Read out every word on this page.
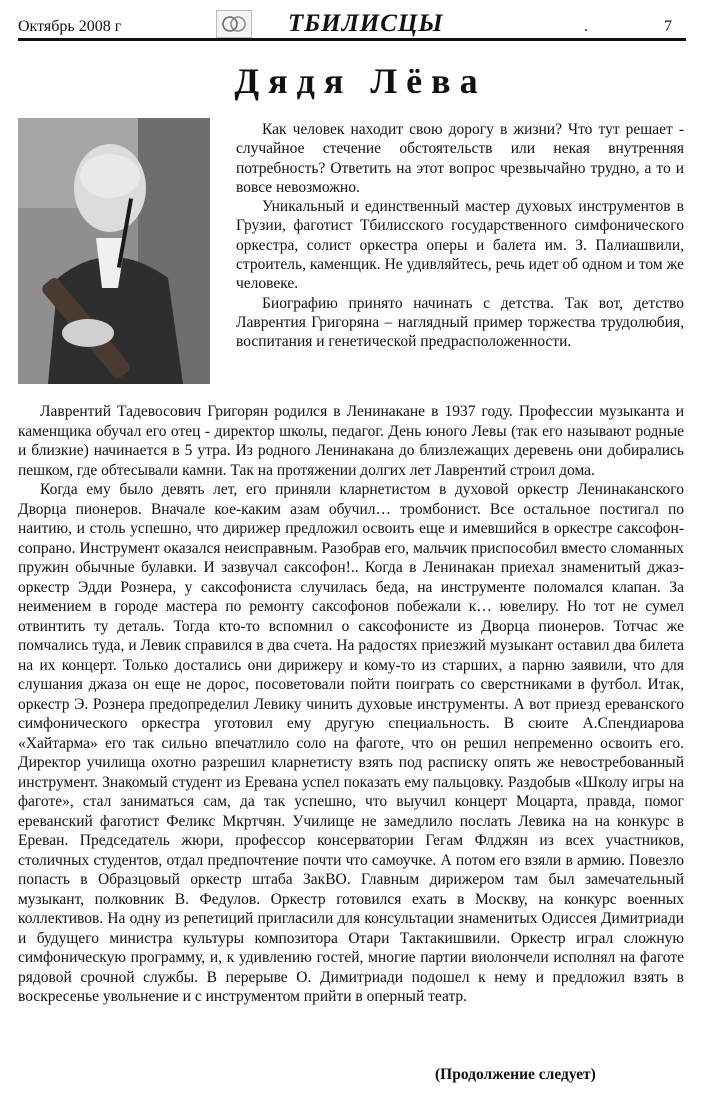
Октябрь 2008 г	ТБИЛИСЦЫ	.	7
Дядя Лёва

Как человек находит свою дорогу в жизни? Что тут решает - случайное стечение обстоятельств или некая внутренняя потребность? Ответить на этот вопрос чрезвычайно трудно, а то и вовсе невозможно.

Уникальный и единственный мастер духовых инструментов в Грузии, фаготист Тбилисского государственного симфонического оркестра, солист оркестра оперы и балета им. З. Палиашвили, строитель, каменщик. Не удивляйтесь, речь идет об одном и том же человеке.

Биографию принято начинать с детства. Так вот, детство Лаврентия Григоряна – наглядный пример торжества трудолюбия, воспитания и генетической предрасположенности.

Лаврентий Тадевосович Григорян родился в Ленинакане в 1937 году. Профессии музыканта и каменщика обучал его отец - директор школы, педагог. День юного Левы (так его называют родные и близкие) начинается в 5 утра. Из родного Ленинакана до близлежащих деревень они добирались пешком, где обтесывали камни. Так на протяжении долгих лет Лаврентий строил дома.

Когда ему было девять лет, его приняли кларнетистом в духовой оркестр Ленинаканского Дворца пионеров. Вначале кое-каким азам обучил… тромбонист. Все остальное постигал по наитию, и столь успешно, что дирижер предложил освоить еще и имевшийся в оркестре саксофон-сопрано. Инструмент оказался неисправным. Разобрав его, мальчик приспособил вместо сломанных пружин обычные булавки. И зазвучал саксофон!.. Когда в Ленинакан приехал знаменитый джаз-оркестр Эдди Рознера, у саксофониста случилась беда, на инструменте поломался клапан. За неимением в городе мастера по ремонту саксофонов побежали к… ювелиру. Но тот не сумел отвинтить ту деталь. Тогда кто-то вспомнил о саксофонисте из Дворца пионеров. Тотчас же помчались туда, и Левик справился в два счета. На радостях приезжий музыкант оставил два билета на их концерт. Только достались они дирижеру и кому-то из старших, а парню заявили, что для слушания джаза он еще не дорос, посоветовали пойти поиграть со сверстниками в футбол. Итак, оркестр Э. Рознера предопределил Левику чинить духовые инструменты. А вот приезд ереванского симфонического оркестра уготовил ему другую специальность. В сюите А.Спендиарова «Хайтарма» его так сильно впечатлило соло на фаготе, что он решил непременно освоить его. Директор училища охотно разрешил кларнетисту взять под расписку опять же невостребованный инструмент. Знакомый студент из Еревана успел показать ему пальцовку. Раздобыв «Школу игры на фаготе», стал заниматься сам, да так успешно, что выучил концерт Моцарта, правда, помог ереванский фаготист Феликс Мкртчян. Училище не замедлило послать Левика на на конкурс в Ереван. Председатель жюри, профессор консерватории Гегам Флджян из всех участников, столичных студентов, отдал предпочтение почти что самоучке. А потом его взяли в армию. Повезло попасть в Образцовый оркестр штаба ЗакВО. Главным дирижером там был замечательный музыкант, полковник В. Федулов. Оркестр готовился ехать в Москву, на конкурс военных коллективов. На одну из репетиций пригласили для консультации знаменитых Одиссея Димитриади и будущего министра культуры композитора Отари Тактакишвили. Оркестр играл сложную симфоническую программу, и, к удивлению гостей, многие партии виолончели исполнял на фаготе рядовой срочной службы. В перерыве О. Димитриади подошел к нему и предложил взять в воскресенье увольнение и с инструментом прийти в оперный театр.

(Продолжение следует)
